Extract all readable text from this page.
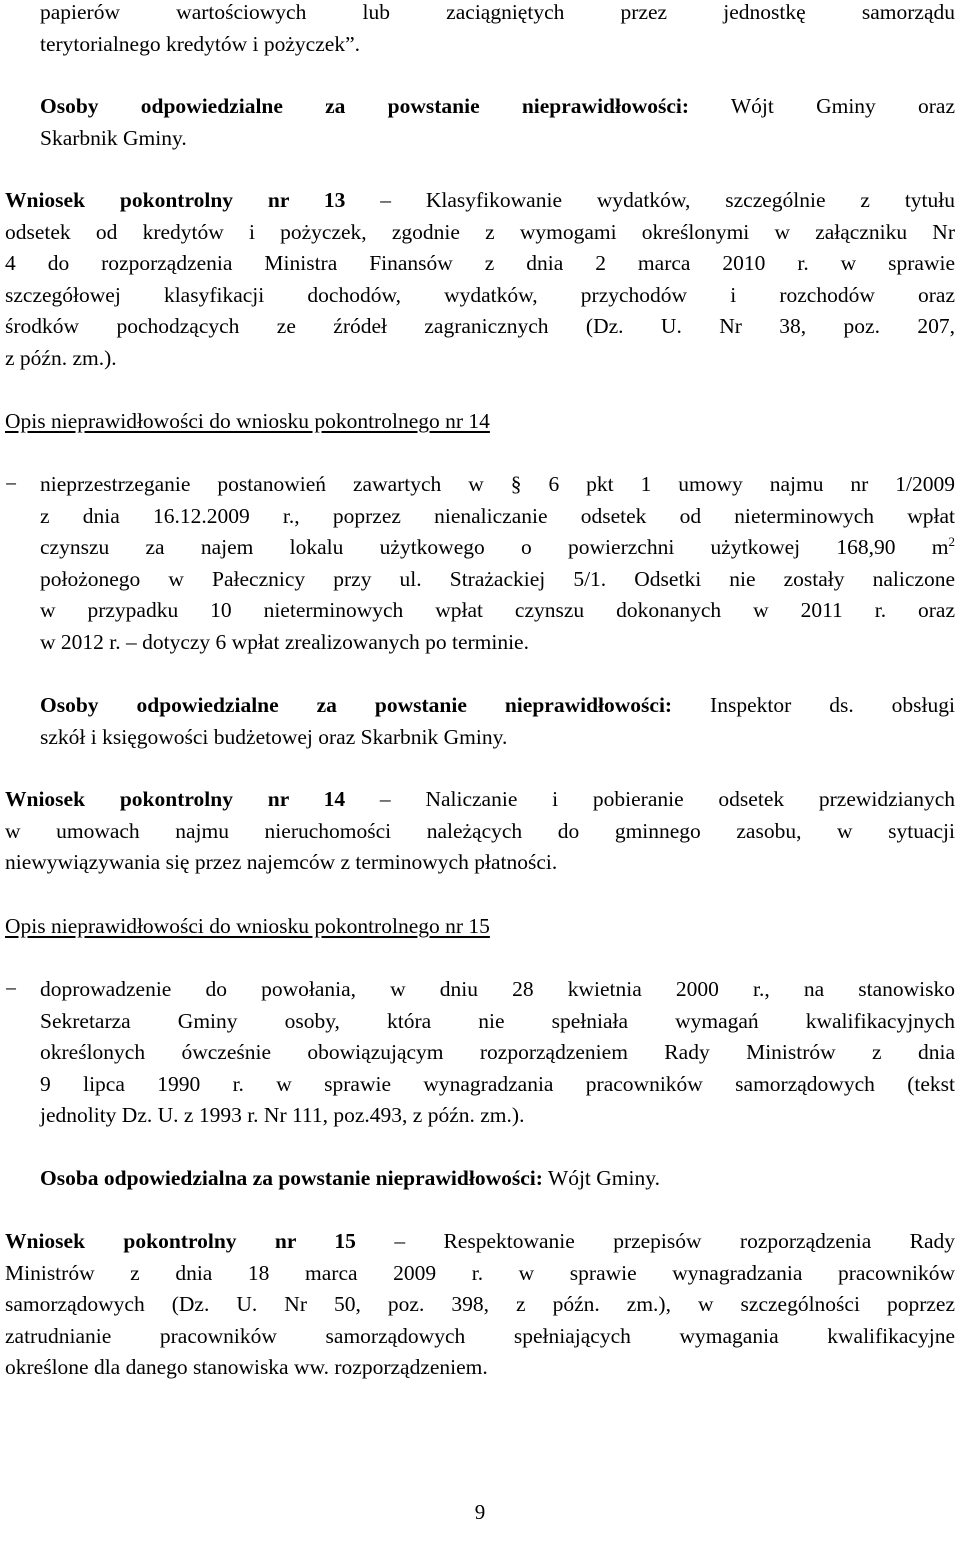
papierów wartościowych lub zaciągniętych przez jednostkę samorządu
terytorialnego kredytów i pożyczek”.
Osoby odpowiedzialne za powstanie nieprawidłowości: Wójt Gminy oraz
Skarbnik Gminy.
Wniosek pokontrolny nr 13 – Klasyfikowanie wydatków, szczególnie z tytułu
odsetek od kredytów i pożyczek, zgodnie z wymogami określonymi w załączniku Nr
4 do rozporządzenia Ministra Finansów z dnia 2 marca 2010 r. w sprawie
szczegółowej klasyfikacji dochodów, wydatków, przychodów i rozchodów oraz
środków pochodzących ze źródeł zagranicznych (Dz. U. Nr 38, poz. 207,
z późn. zm.).
Opis nieprawidłowości do wniosku pokontrolnego nr 14
− nieprzestrzeganie postanowień zawartych w § 6 pkt 1 umowy najmu nr 1/2009
z dnia 16.12.2009 r., poprzez nienaliczanie odsetek od nieterminowych wpłat
czynszu za najem lokalu użytkowego o powierzchni użytkowej 168,90 $m^2$
położonego w Pałecznicy przy ul. Strażackiej 5/1. Odsetki nie zostały naliczone
w przypadku 10 nieterminowych wpłat czynszu dokonanych w 2011 r. oraz
w 2012 r. – dotyczy 6 wpłat zrealizowanych po terminie.
Osoby odpowiedzialne za powstanie nieprawidłowości: Inspektor ds. obsługi
szkół i księgowości budżetowej oraz Skarbnik Gminy.
Wniosek pokontrolny nr 14 – Naliczanie i pobieranie odsetek przewidzianych
w umowach najmu nieruchomości należących do gminnego zasobu, w sytuacji
niewywiązywania się przez najemców z terminowych płatności.
Opis nieprawidłowości do wniosku pokontrolnego nr 15
− doprowadzenie do powołania, w dniu 28 kwietnia 2000 r., na stanowisko
Sekretarza Gminy osoby, która nie spełniała wymagań kwalifikacyjnych
określonych ówcześnie obowiązującym rozporządzeniem Rady Ministrów z dnia
9 lipca 1990 r. w sprawie wynagradzania pracowników samorządowych (tekst
jednolity Dz. U. z 1993 r. Nr 111, poz.493, z późn. zm.).
Osoba odpowiedzialna za powstanie nieprawidłowości: Wójt Gminy.
Wniosek pokontrolny nr 15 – Respektowanie przepisów rozporządzenia Rady
Ministrów z dnia 18 marca 2009 r. w sprawie wynagradzania pracowników
samorządowych (Dz. U. Nr 50, poz. 398, z późn. zm.), w szczególności poprzez
zatrudnianie pracowników samorządowych spełniających wymagania kwalifikacyjne
określone dla danego stanowiska ww. rozporządzeniem.
9
